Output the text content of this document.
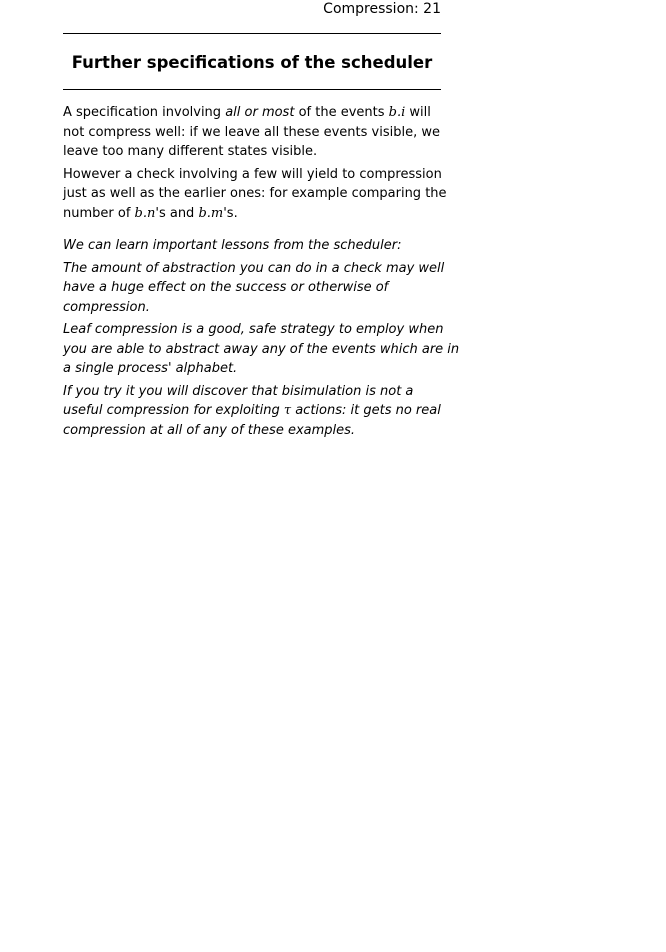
Compression: 21
Further specifications of the scheduler

A specification involving all or most of the events b.i will
not compress well: if we leave all these events visible, we
leave too many different states visible.

However a check involving a few will yield to compression
just as well as the earlier ones: for example comparing the
number of b.n's and b.m's.

We can learn important lessons from the scheduler:

The amount of abstraction you can do in a check may well
have a huge effect on the success or otherwise of
compression.

Leaf compression is a good, safe strategy to employ when
you are able to abstract away any of the events which are in
a single process' alphabet.

If you try it you will discover that bisimulation is not a
useful compression for exploiting τ actions: it gets no real
compression at all of any of these examples.
